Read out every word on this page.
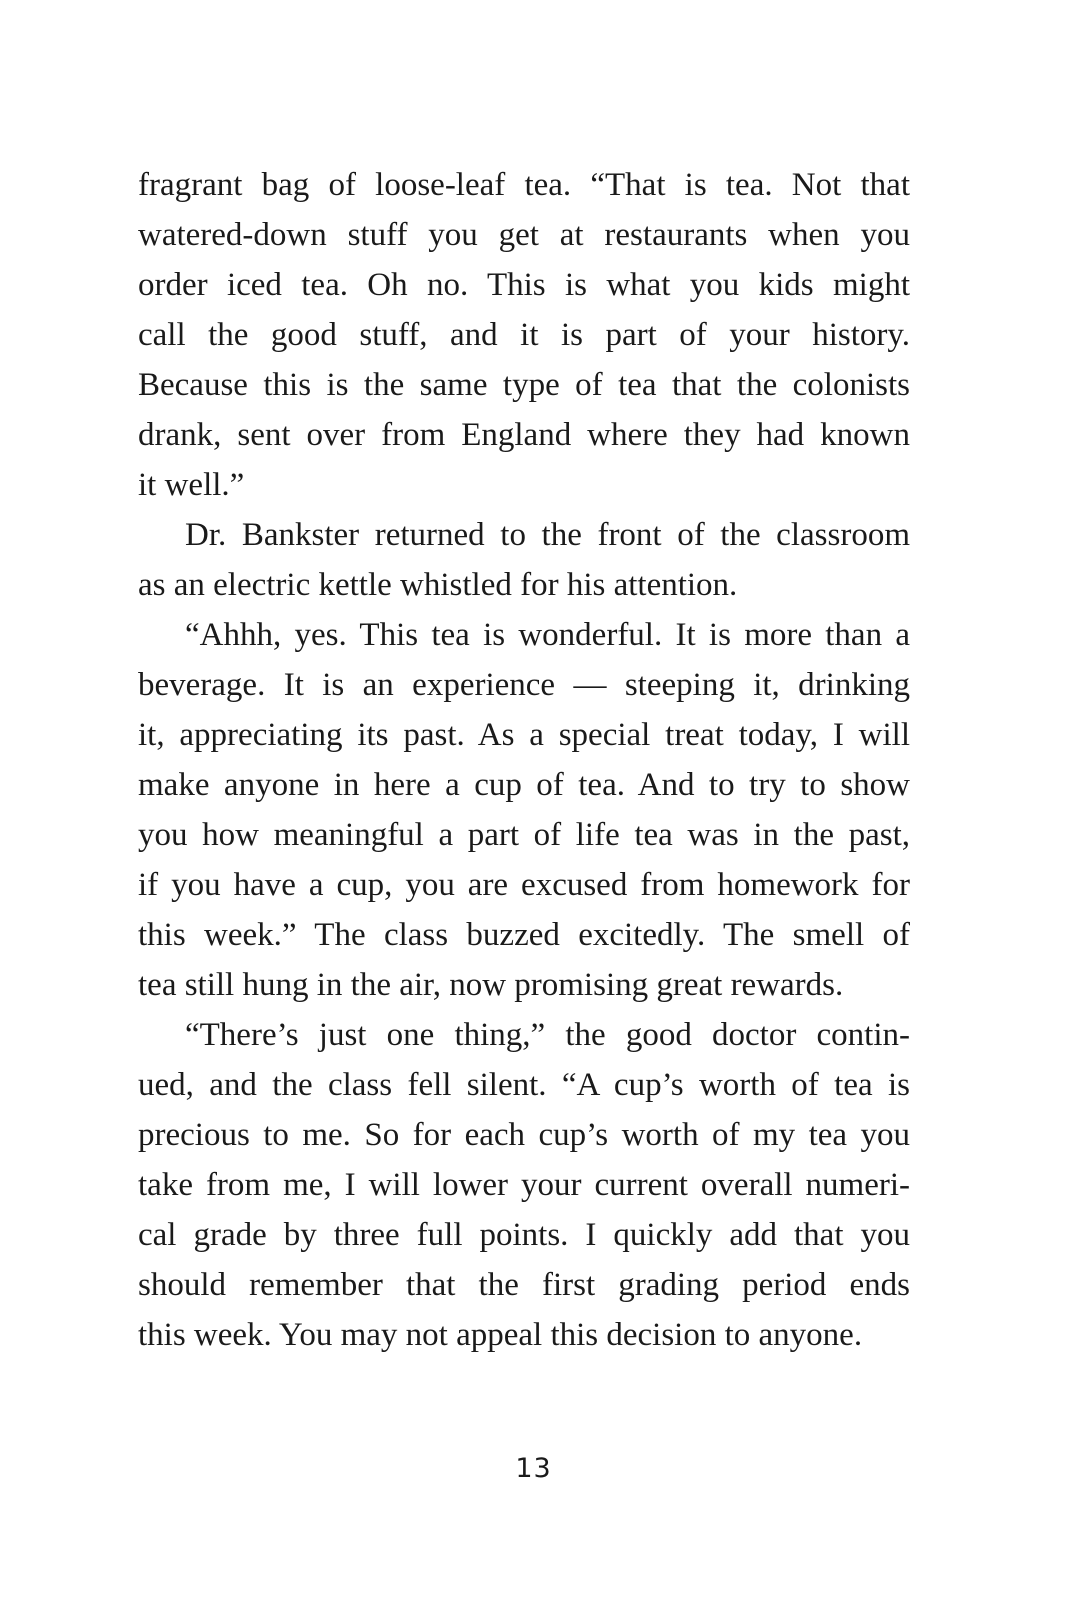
fragrant bag of loose-leaf tea. “That is tea. Not that
watered-down stuff you get at restaurants when you
order iced tea. Oh no. This is what you kids might
call the good stuff, and it is part of your history.
Because this is the same type of tea that the colonists
drank, sent over from England where they had known
it well.”
Dr. Bankster returned to the front of the classroom
as an electric kettle whistled for his attention.
“Ahhh, yes. This tea is wonderful. It is more than a
beverage. It is an experience — steeping it, drinking
it, appreciating its past. As a special treat today, I will
make anyone in here a cup of tea. And to try to show
you how meaningful a part of life tea was in the past,
if you have a cup, you are excused from homework for
this week.” The class buzzed excitedly. The smell of
tea still hung in the air, now promising great rewards.
“There’s just one thing,” the good doctor contin-
ued, and the class fell silent. “A cup’s worth of tea is
precious to me. So for each cup’s worth of my tea you
take from me, I will lower your current overall numeri-
cal grade by three full points. I quickly add that you
should remember that the first grading period ends
this week. You may not appeal this decision to anyone.
13
